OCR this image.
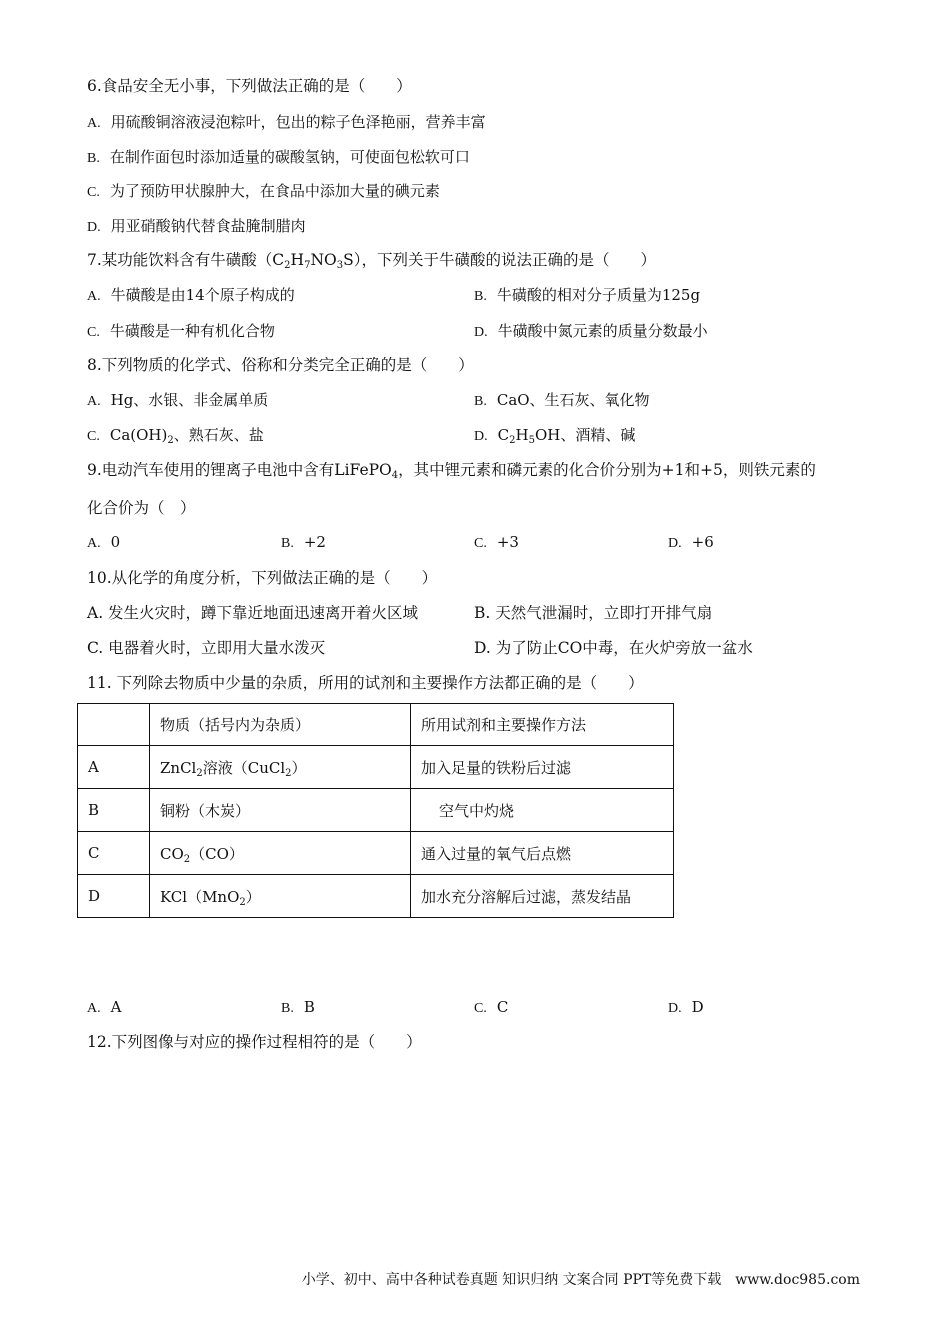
6.食品安全无小事，下列做法正确的是（　　）
A. 用硫酸铜溶液浸泡粽叶，包出的粽子色泽艳丽，营养丰富
B. 在制作面包时添加适量的碳酸氢钠，可使面包松软可口
C. 为了预防甲状腺肿大，在食品中添加大量的碘元素
D. 用亚硝酸钠代替食盐腌制腊肉
7.某功能饮料含有牛磺酸$(C_2H_7NO_3S)$，下列关于牛磺酸的说法正确的是（　　）
A. 牛磺酸是由14个原子构成的	B. 牛磺酸的相对分子质量为125g
C. 牛磺酸是一种有机化合物	D. 牛磺酸中氮元素的质量分数最小
8.下列物质的化学式、俗称和分类完全正确的是（　　）
A. Hg、水银、非金属单质	B. CaO、生石灰、氧化物
C. $Ca(OH)_2$、熟石灰、盐	D. $C_2H_5OH$、酒精、碱
9.电动汽车使用的锂离子电池中含有LiFePO$_4$，其中锂元素和磷元素的化合价分别为+1和+5，则铁元素的
化合价为（　）
A. 0	B. +2	C. +3	D. +6
10.从化学的角度分析，下列做法正确的是（　　）
A. 发生火灾时，蹲下靠近地面迅速离开着火区域	B. 天然气泄漏时，立即打开排气扇
C. 电器着火时，立即用大量水泼灭	D. 为了防止CO中毒，在火炉旁放一盆水
11. 下列除去物质中少量的杂质，所用的试剂和主要操作方法都正确的是（　　）
	物质（括号内为杂质）	所用试剂和主要操作方法
A	ZnCl$_2$溶液（CuCl$_2$）	加入足量的铁粉后过滤
B	铜粉（木炭）	空气中灼烧
C	$CO_2(CO)$	通入过量的氧气后点燃
D	KCl（MnO$_2$）	加水充分溶解后过滤，蒸发结晶
A. A	B. B	C. C	D. D
12.下列图像与对应的操作过程相符的是（　　）
小学、初中、高中各种试卷真题 知识归纳 文案合同 PPT等免费下载　www.doc985.com
